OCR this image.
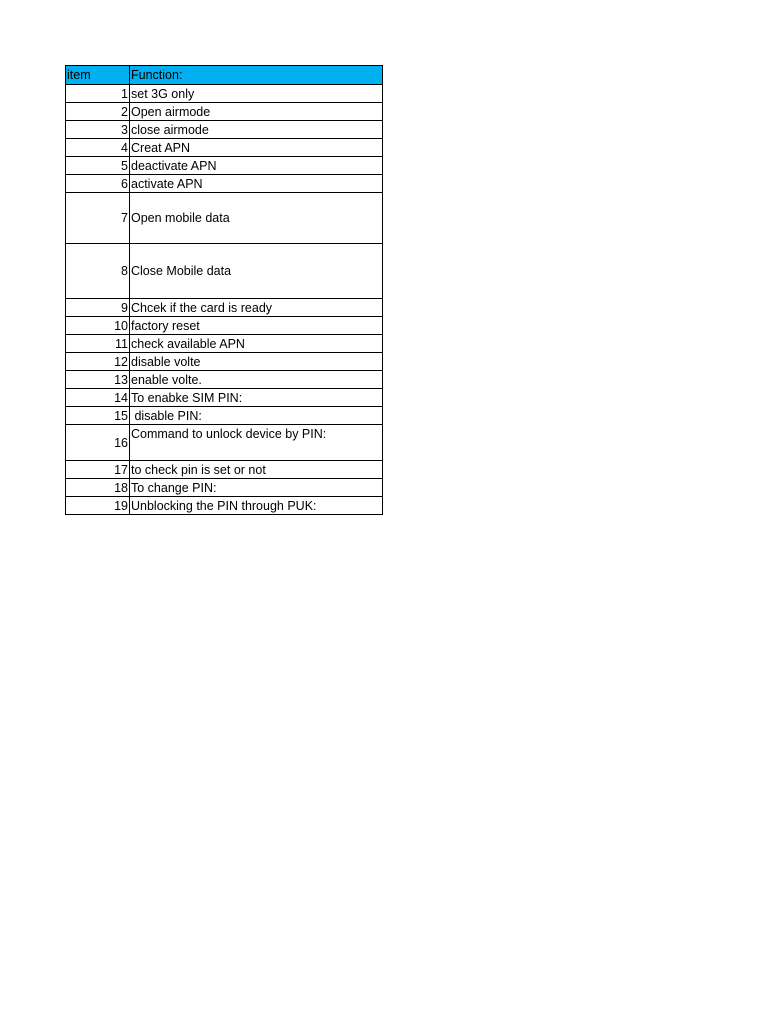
item	Function:
1	set 3G only
2	Open airmode
3	close airmode
4	Creat APN
5	deactivate APN
6	activate APN
7	Open mobile data
8	Close Mobile data
9	Chcek if the card is ready
10	factory reset
11	check available APN
12	disable volte
13	enable volte.
14	To enabke SIM PIN:
15	disable PIN:
16	Command to unlock device by PIN:
17	to check pin is set or not
18	To change PIN:
19	Unblocking the PIN through PUK:
